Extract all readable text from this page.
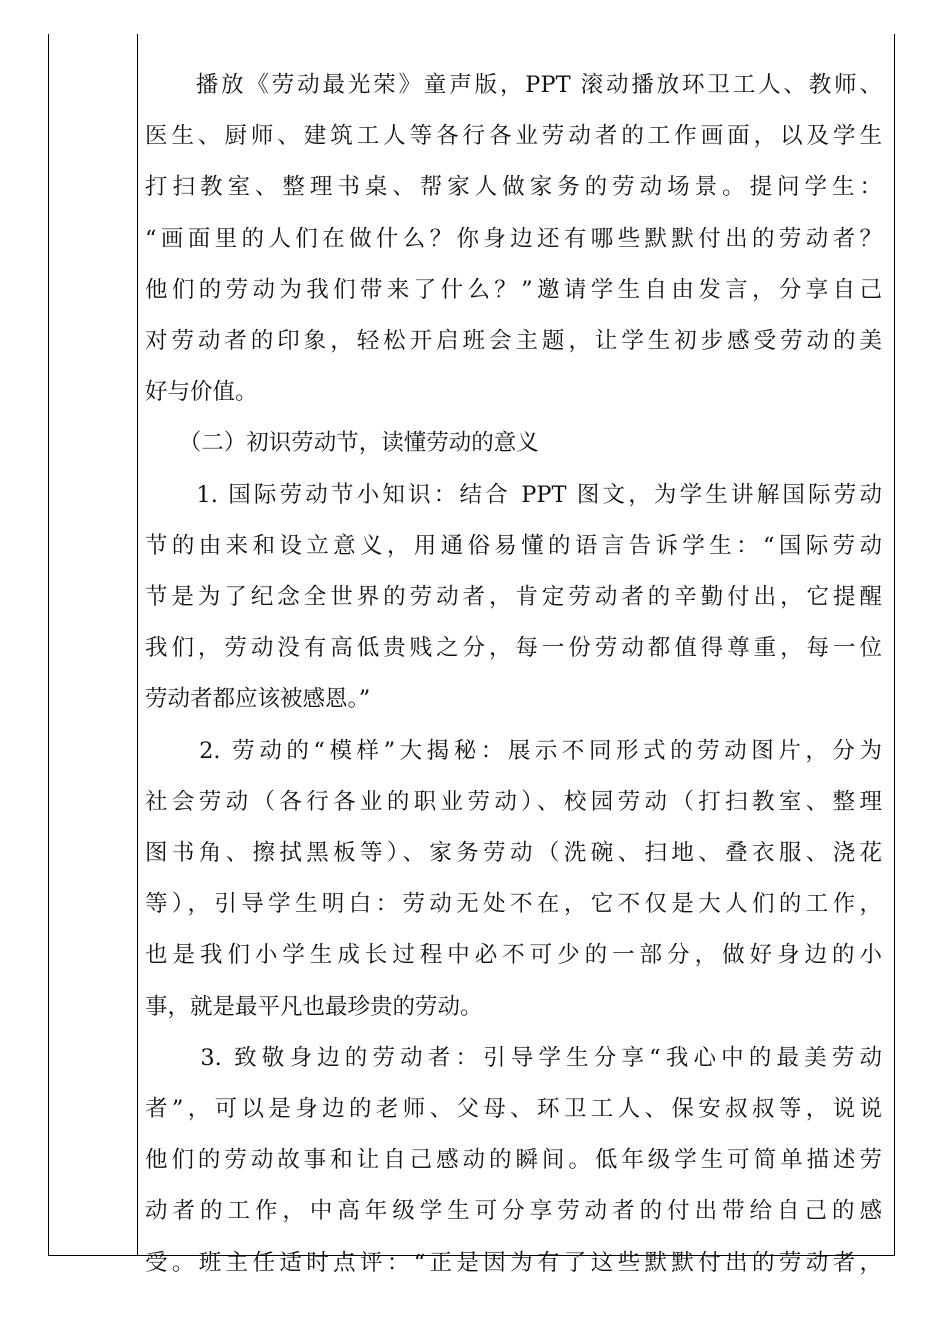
　　播放《劳动最光荣》童声版，PPT 滚动播放环卫工人、教师、
医生、厨师、建筑工人等各行各业劳动者的工作画面，以及学生
打扫教室、整理书桌、帮家人做家务的劳动场景。提问学生：
“画面里的人们在做什么？你身边还有哪些默默付出的劳动者？
他们的劳动为我们带来了什么？”邀请学生自由发言，分享自己
对劳动者的印象，轻松开启班会主题，让学生初步感受劳动的美
好与价值。
　　（二）初识劳动节，读懂劳动的意义
　　1. 国际劳动节小知识：结合 PPT 图文，为学生讲解国际劳动
节的由来和设立意义，用通俗易懂的语言告诉学生：“国际劳动
节是为了纪念全世界的劳动者，肯定劳动者的辛勤付出，它提醒
我们，劳动没有高低贵贱之分，每一份劳动都值得尊重，每一位
劳动者都应该被感恩。”
　　2. 劳动的“模样”大揭秘：展示不同形式的劳动图片，分为
社会劳动（各行各业的职业劳动）、校园劳动（打扫教室、整理
图书角、擦拭黑板等）、家务劳动（洗碗、扫地、叠衣服、浇花
等），引导学生明白：劳动无处不在，它不仅是大人们的工作，
也是我们小学生成长过程中必不可少的一部分，做好身边的小
事，就是最平凡也最珍贵的劳动。
　　3. 致敬身边的劳动者：引导学生分享“我心中的最美劳动
者”，可以是身边的老师、父母、环卫工人、保安叔叔等，说说
他们的劳动故事和让自己感动的瞬间。低年级学生可简单描述劳
动者的工作，中高年级学生可分享劳动者的付出带给自己的感
受。班主任适时点评：“正是因为有了这些默默付出的劳动者，
